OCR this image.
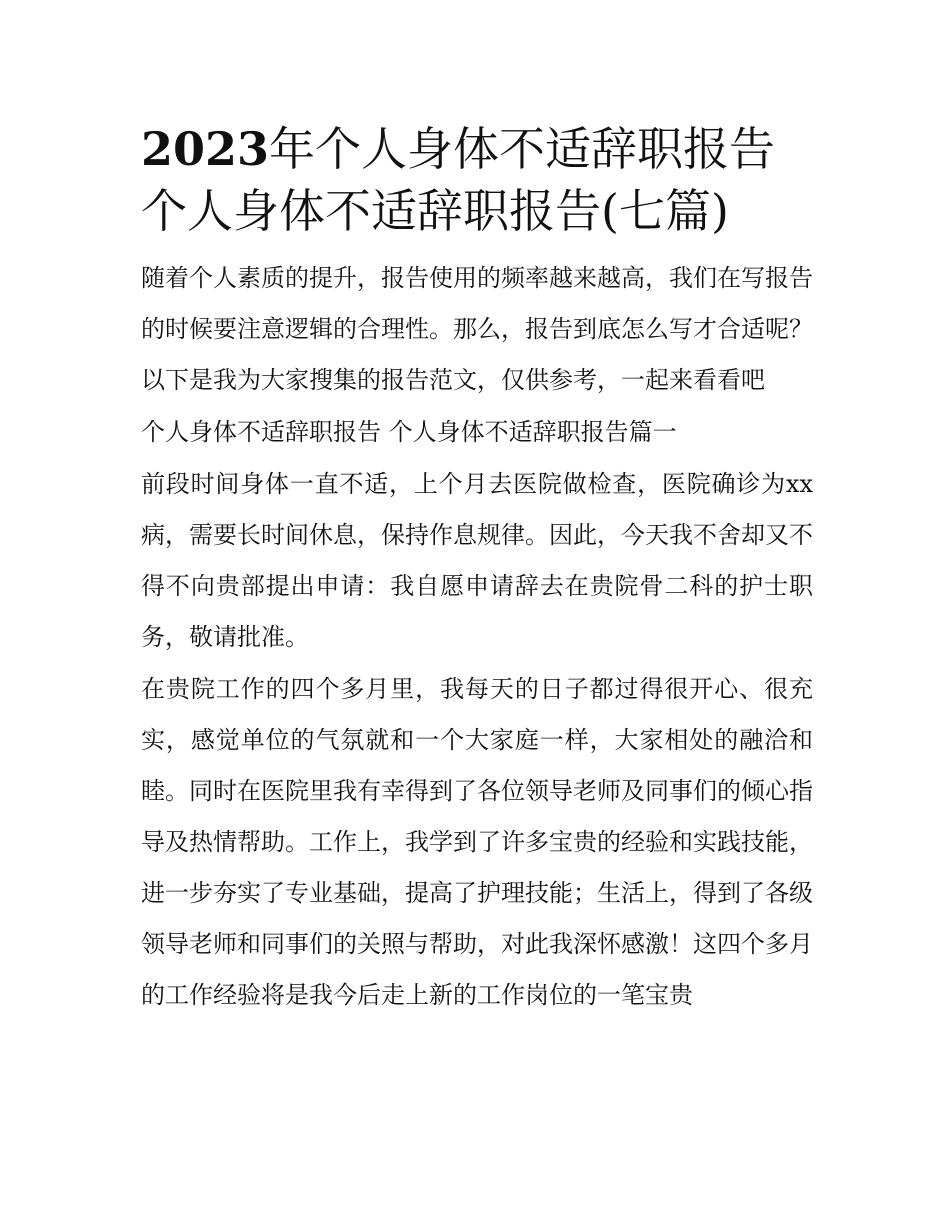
2023年个人身体不适辞职报告
个人身体不适辞职报告(七篇)

随着个人素质的提升，报告使用的频率越来越高，我们在写报告的时候要注意逻辑的合理性。那么，报告到底怎么写才合适呢？以下是我为大家搜集的报告范文，仅供参考，一起来看看吧

个人身体不适辞职报告 个人身体不适辞职报告篇一

前段时间身体一直不适，上个月去医院做检查，医院确诊为xx病，需要长时间休息，保持作息规律。因此，今天我不舍却又不得不向贵部提出申请：我自愿申请辞去在贵院骨二科的护士职务，敬请批准。

在贵院工作的四个多月里，我每天的日子都过得很开心、很充实，感觉单位的气氛就和一个大家庭一样，大家相处的融洽和睦。同时在医院里我有幸得到了各位领导老师及同事们的倾心指导及热情帮助。工作上，我学到了许多宝贵的经验和实践技能，进一步夯实了专业基础，提高了护理技能；生活上，得到了各级领导老师和同事们的关照与帮助，对此我深怀感激！这四个多月的工作经验将是我今后走上新的工作岗位的一笔宝贵
